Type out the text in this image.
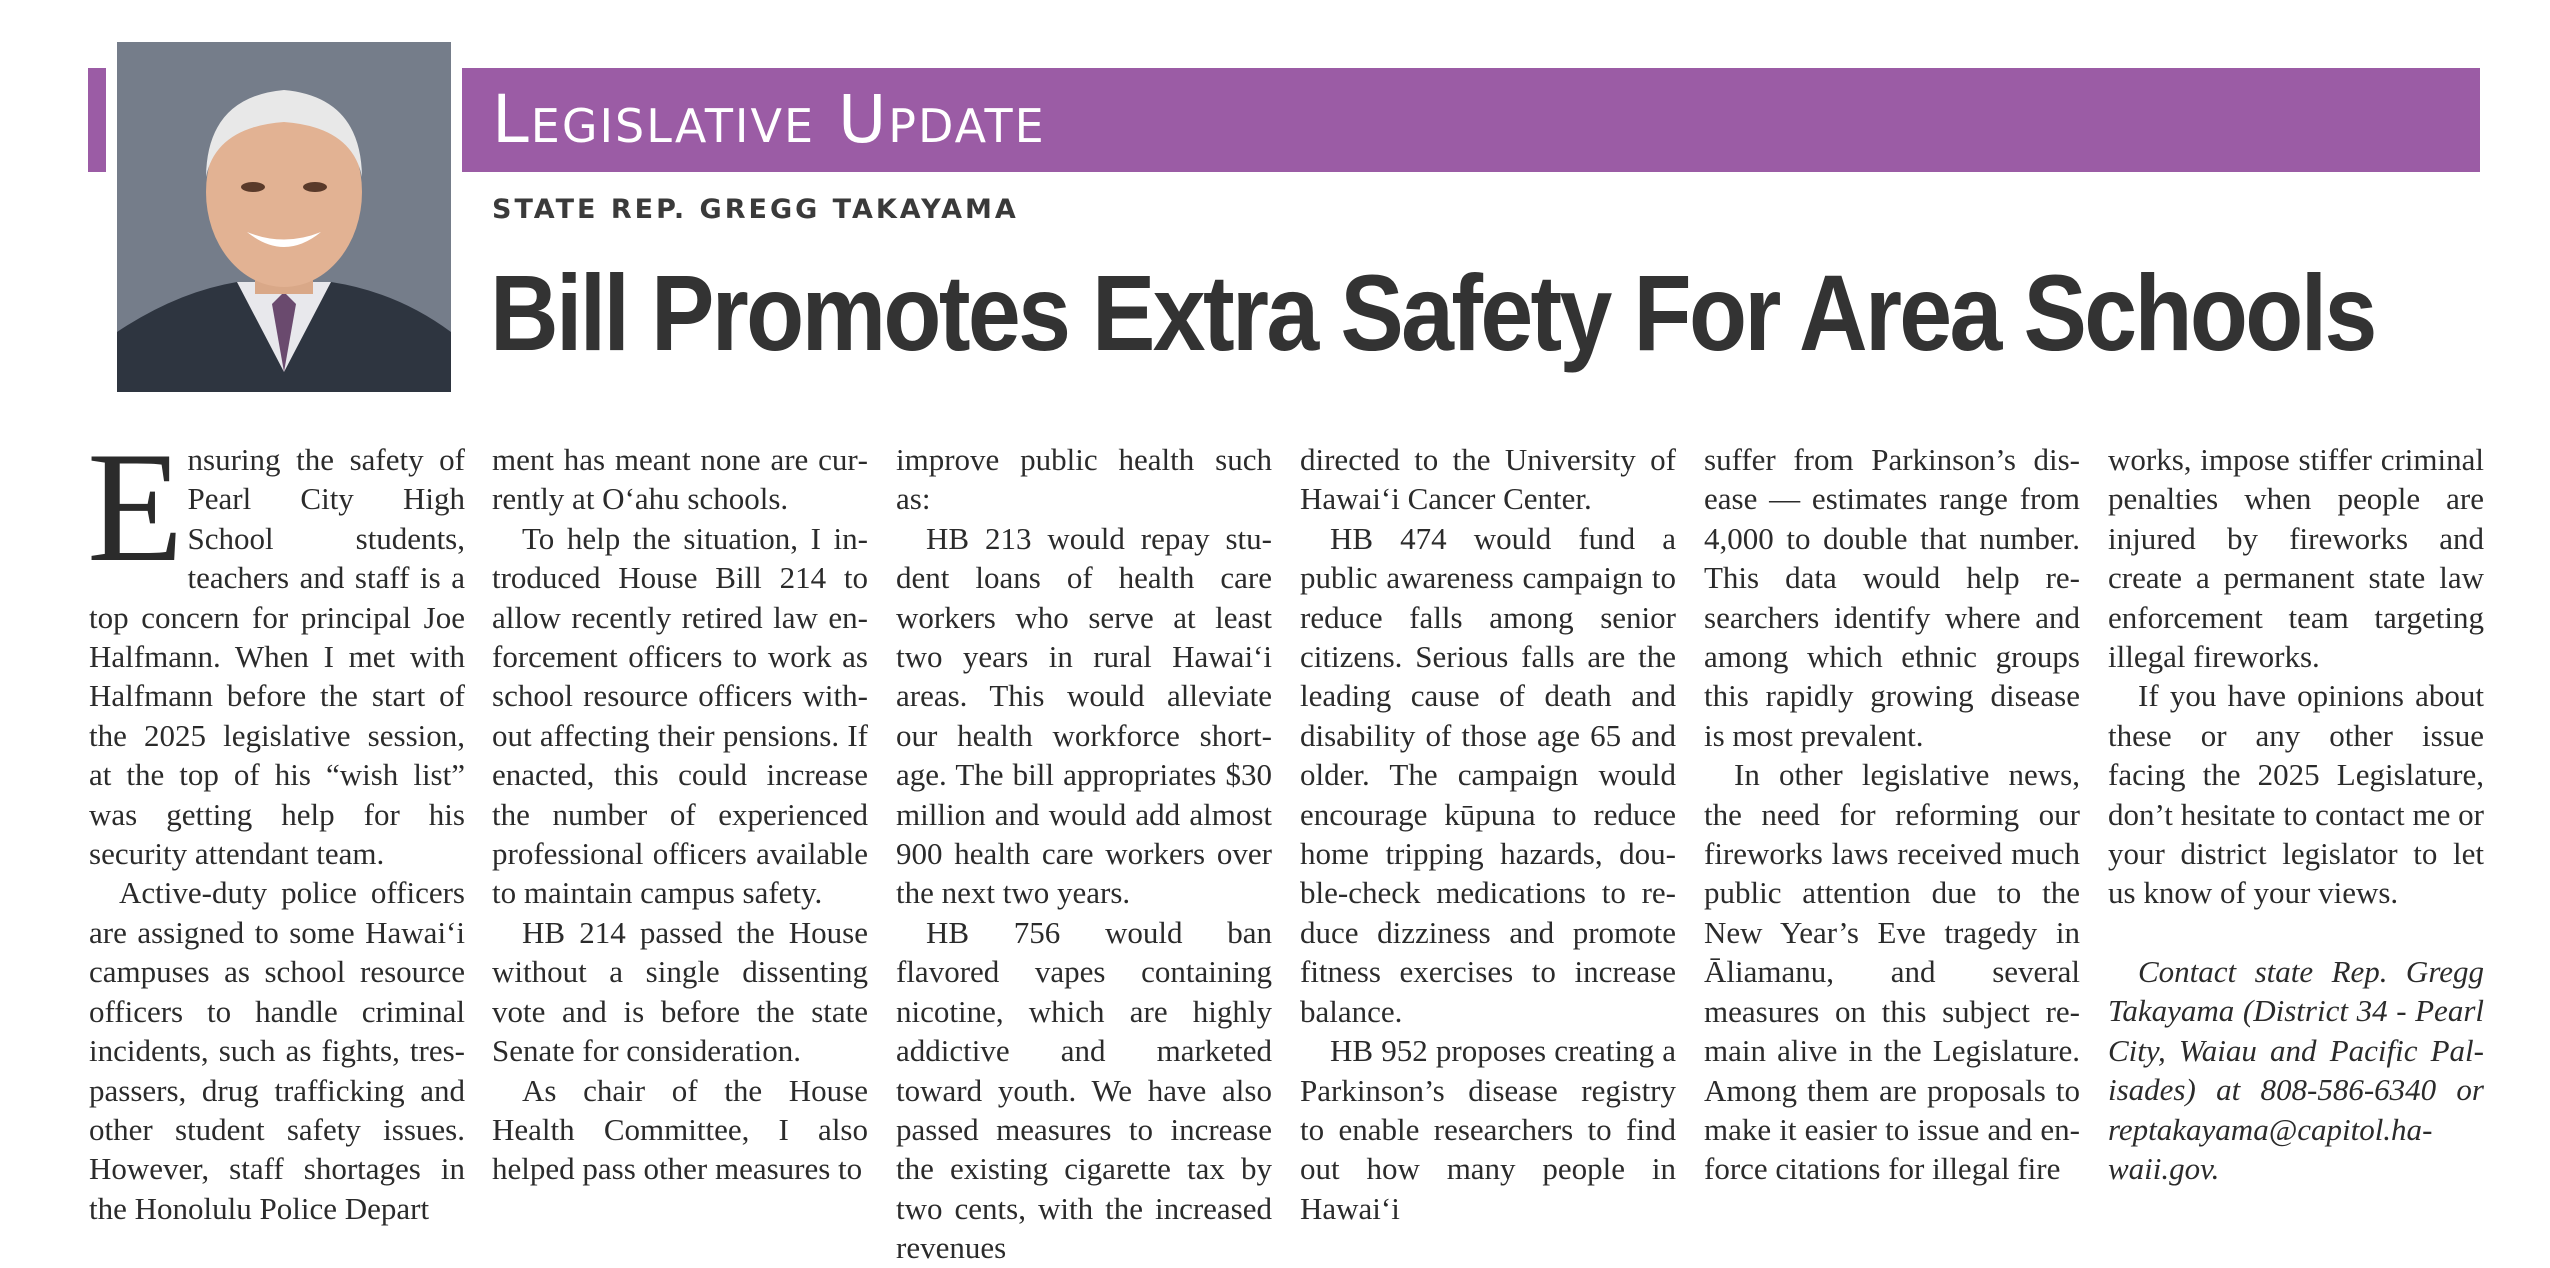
Legislative Update
STATE REP. GREGG TAKAYAMA
Bill Promotes Extra Safety For Area Schools

Ensuring the safety of Pearl City High School students, teachers and staff is a top concern for principal Joe Halfmann. When I met with Halfmann before the start of the 2025 legislative session, at the top of his “wish list” was getting help for his security attendant team.

Active-duty police officers are assigned to some Hawai‘i campuses as school resource officers to handle criminal incidents, such as fights, trespassers, drug trafficking and other student safety issues. However, staff shortages in the Honolulu Police Depart

ment has meant none are currently at O‘ahu schools.

To help the situation, I introduced House Bill 214 to allow recently retired law enforcement officers to work as school resource officers without affecting their pensions. If enacted, this could increase the number of experienced professional officers available to maintain campus safety.

HB 214 passed the House without a single dissenting vote and is before the state Senate for consideration.

As chair of the House Health Committee, I also helped pass other measures to

improve public health such as:

HB 213 would repay student loans of health care workers who serve at least two years in rural Hawai‘i areas. This would alleviate our health workforce shortage. The bill appropriates $30 million and would add almost 900 health care workers over the next two years.

HB 756 would ban flavored vapes containing nicotine, which are highly addictive and marketed toward youth. We have also passed measures to increase the existing cigarette tax by two cents, with the increased revenues

directed to the University of Hawai‘i Cancer Center.

HB 474 would fund a public awareness campaign to reduce falls among senior citizens. Serious falls are the leading cause of death and disability of those age 65 and older. The campaign would encourage kūpuna to reduce home tripping hazards, double-check medications to reduce dizziness and promote fitness exercises to increase balance.

HB 952 proposes creating a Parkinson’s disease registry to enable researchers to find out how many people in Hawai‘i

suffer from Parkinson’s disease — estimates range from 4,000 to double that number. This data would help researchers identify where and among which ethnic groups this rapidly growing disease is most prevalent.

In other legislative news, the need for reforming our fireworks laws received much public attention due to the New Year’s Eve tragedy in Āliamanu, and several measures on this subject remain alive in the Legislature. Among them are proposals to make it easier to issue and enforce citations for illegal fire

works, impose stiffer criminal penalties when people are injured by fireworks and create a permanent state law enforcement team targeting illegal fireworks.

If you have opinions about these or any other issue facing the 2025 Legislature, don’t hesitate to contact me or your district legislator to let us know of your views.

Contact state Rep. Gregg Takayama (District 34 - Pearl City, Waiau and Pacific Palisades) at 808-586-6340 or reptakayama@capitol.hawaii.gov.
